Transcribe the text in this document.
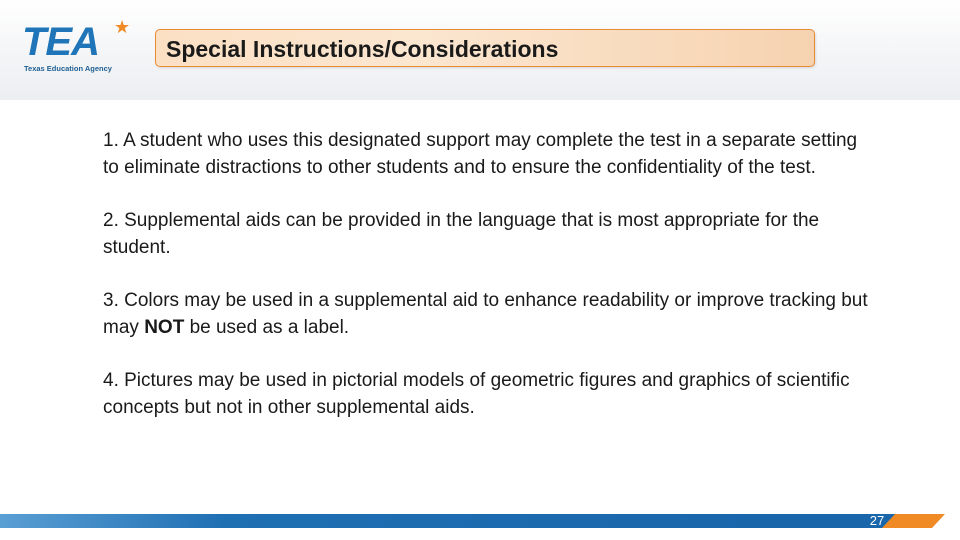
TEA ★
Texas Education Agency
Special Instructions/Considerations

1. A student who uses this designated support may complete the test in a separate setting to eliminate distractions to other students and to ensure the confidentiality of the test.

2. Supplemental aids can be provided in the language that is most appropriate for the student.

3. Colors may be used in a supplemental aid to enhance readability or improve tracking but may NOT be used as a label.

4. Pictures may be used in pictorial models of geometric figures and graphics of scientific concepts but not in other supplemental aids.

27
